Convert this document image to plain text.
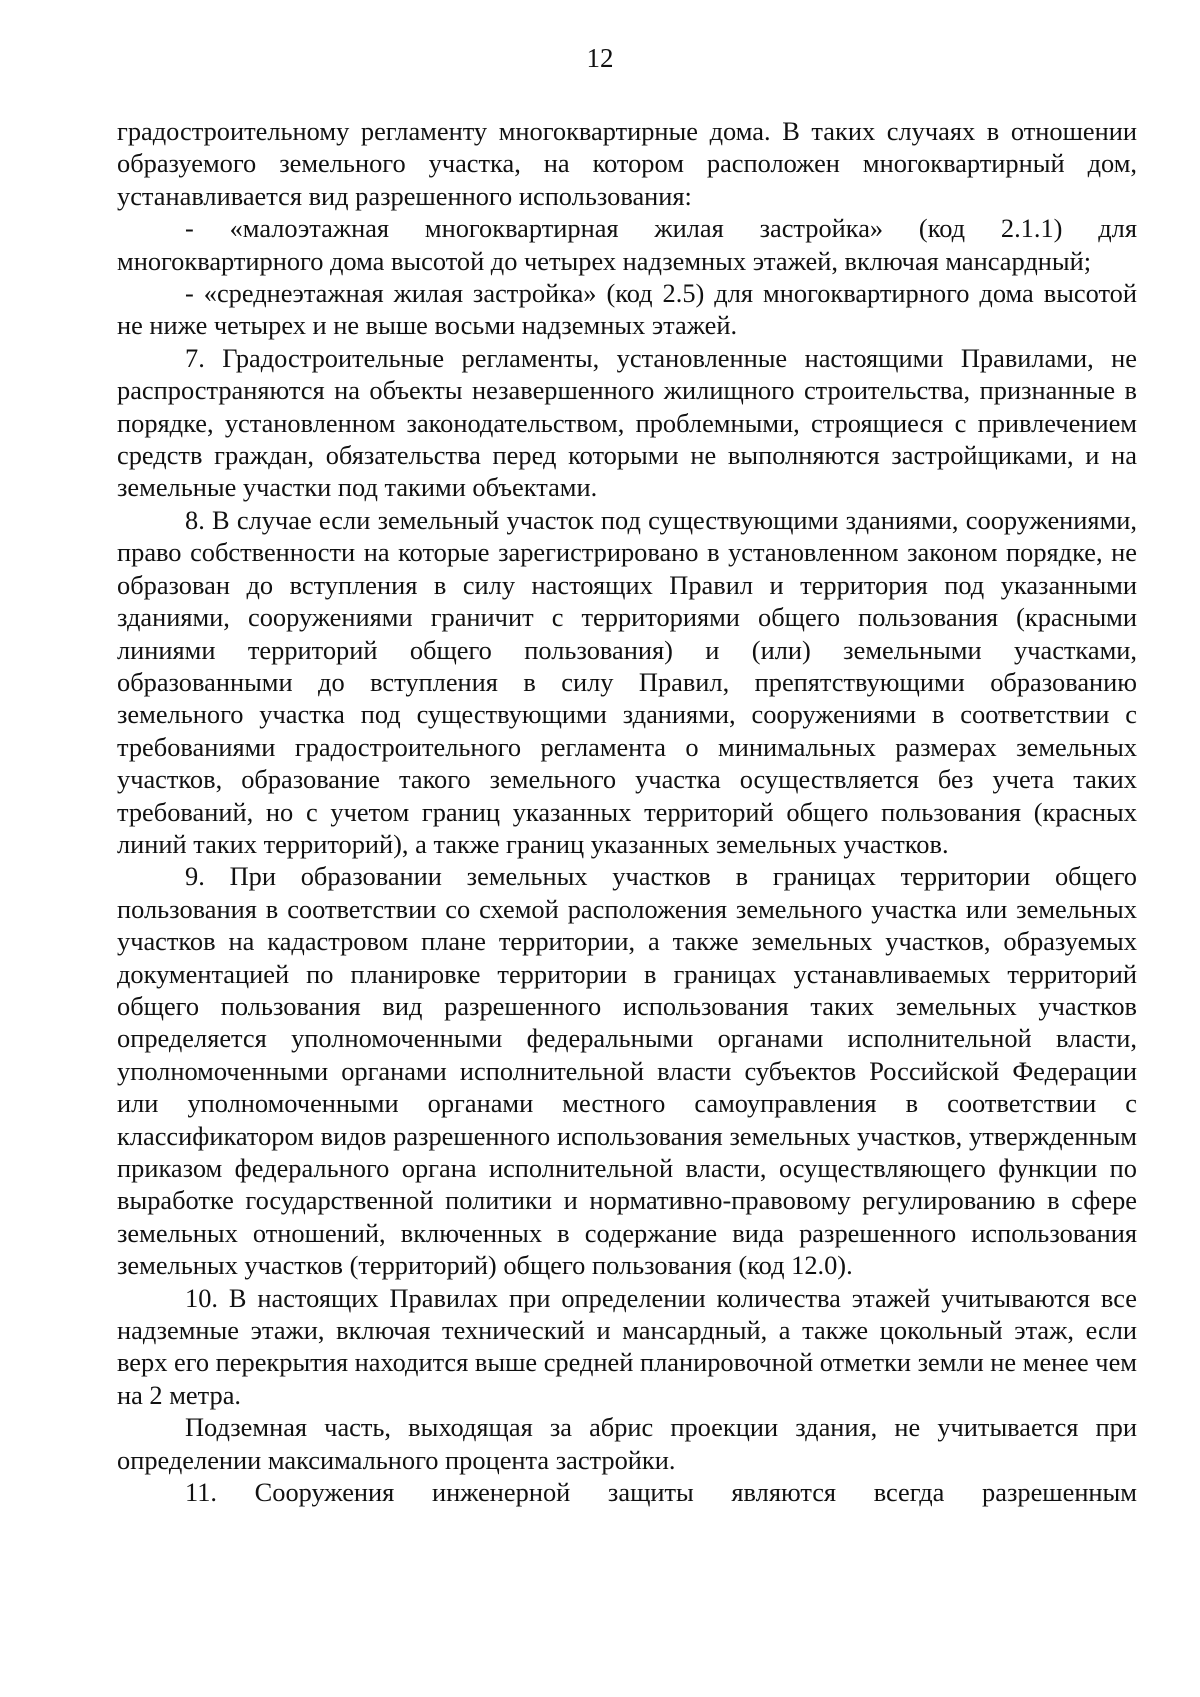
12

градостроительному регламенту многоквартирные дома. В таких случаях в отношении образуемого земельного участка, на котором расположен многоквартирный дом, устанавливается вид разрешенного использования:

- «малоэтажная многоквартирная жилая застройка» (код 2.1.1) для многоквартирного дома высотой до четырех надземных этажей, включая мансардный;

- «среднеэтажная жилая застройка» (код 2.5) для многоквартирного дома высотой не ниже четырех и не выше восьми надземных этажей.

7. Градостроительные регламенты, установленные настоящими Правилами, не распространяются на объекты незавершенного жилищного строительства, признанные в порядке, установленном законодательством, проблемными, строящиеся с привлечением средств граждан, обязательства перед которыми не выполняются застройщиками, и на земельные участки под такими объектами.

8. В случае если земельный участок под существующими зданиями, сооружениями, право собственности на которые зарегистрировано в установленном законом порядке, не образован до вступления в силу настоящих Правил и территория под указанными зданиями, сооружениями граничит с территориями общего пользования (красными линиями территорий общего пользования) и (или) земельными участками, образованными до вступления в силу Правил, препятствующими образованию земельного участка под существующими зданиями, сооружениями в соответствии с требованиями градостроительного регламента о минимальных размерах земельных участков, образование такого земельного участка осуществляется без учета таких требований, но с учетом границ указанных территорий общего пользования (красных линий таких территорий), а также границ указанных земельных участков.

9. При образовании земельных участков в границах территории общего пользования в соответствии со схемой расположения земельного участка или земельных участков на кадастровом плане территории, а также земельных участков, образуемых документацией по планировке территории в границах устанавливаемых территорий общего пользования вид разрешенного использования таких земельных участков определяется уполномоченными федеральными органами исполнительной власти, уполномоченными органами исполнительной власти субъектов Российской Федерации или уполномоченными органами местного самоуправления в соответствии с классификатором видов разрешенного использования земельных участков, утвержденным приказом федерального органа исполнительной власти, осуществляющего функции по выработке государственной политики и нормативно-правовому регулированию в сфере земельных отношений, включенных в содержание вида разрешенного использования земельных участков (территорий) общего пользования (код 12.0).

10. В настоящих Правилах при определении количества этажей учитываются все надземные этажи, включая технический и мансардный, а также цокольный этаж, если верх его перекрытия находится выше средней планировочной отметки земли не менее чем на 2 метра.

Подземная часть, выходящая за абрис проекции здания, не учитывается при определении максимального процента застройки.

11. Сооружения инженерной защиты являются всегда разрешенным
